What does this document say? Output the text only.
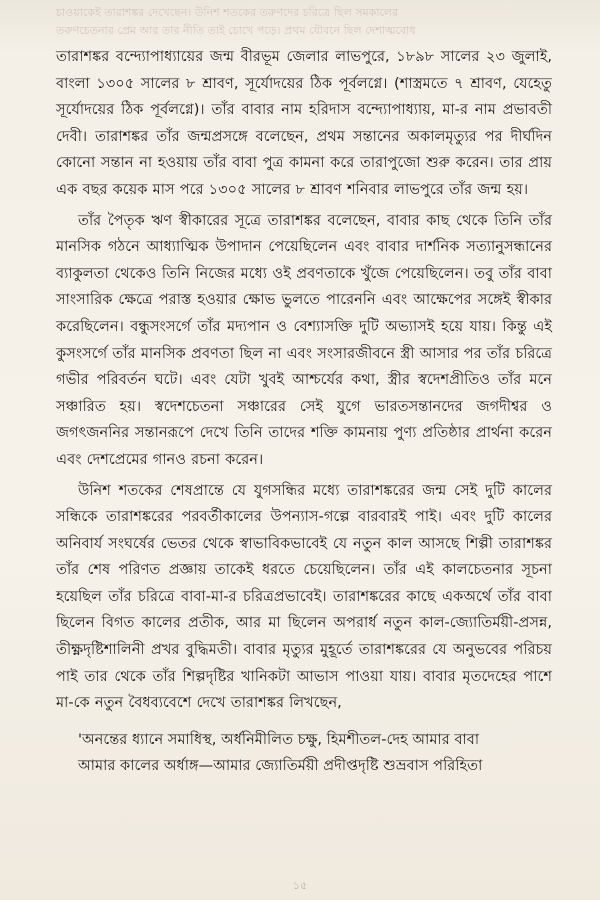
চাওয়াকেই তারাশঙ্কর দেখেছেন। উনিশ শতকের তরুণদের চরিত্রে ছিল সমকালের
তরুণচেতনার প্রেম আর তার নীতি তাই চোখে পড়ে। প্রথম যৌবনে ছিল দেশাত্মবোধ

তারাশঙ্কর বন্দ্যোপাধ্যায়ের জন্ম বীরভূম জেলার লাভপুরে, ১৮৯৮ সালের ২৩ জুলাই, বাংলা ১৩০৫ সালের ৮ শ্রাবণ, সূর্যোদয়ের ঠিক পূর্বলগ্নে। (শাস্ত্রমতে ৭ শ্রাবণ, যেহেতু সূর্যোদয়ের ঠিক পূর্বলগ্নে)। তাঁর বাবার নাম হরিদাস বন্দ্যোপাধ্যায়, মা-র নাম প্রভাবতী দেবী। তারাশঙ্কর তাঁর জন্মপ্রসঙ্গে বলেছেন, প্রথম সন্তানের অকালমৃত্যুর পর দীর্ঘদিন কোনো সন্তান না হওয়ায় তাঁর বাবা পুত্র কামনা করে তারাপুজো শুরু করেন। তার প্রায় এক বছর কয়েক মাস পরে ১৩০৫ সালের ৮ শ্রাবণ শনিবার লাভপুরে তাঁর জন্ম হয়।

তাঁর পৈতৃক ঋণ স্বীকারের সূত্রে তারাশঙ্কর বলেছেন, বাবার কাছ থেকে তিনি তাঁর মানসিক গঠনে আধ্যাত্মিক উপাদান পেয়েছিলেন এবং বাবার দার্শনিক সত্যানুসন্ধানের ব্যাকুলতা থেকেও তিনি নিজের মধ্যে ওই প্রবণতাকে খুঁজে পেয়েছিলেন। তবু তাঁর বাবা সাংসারিক ক্ষেত্রে পরাস্ত হওয়ার ক্ষোভ ভুলতে পারেননি এবং আক্ষেপের সঙ্গেই স্বীকার করেছিলেন। বন্ধুসংসর্গে তাঁর মদ্যপান ও বেশ্যাসক্তি দুটি অভ্যাসই হয়ে যায়। কিন্তু এই কুসংসর্গে তাঁর মানসিক প্রবণতা ছিল না এবং সংসারজীবনে স্ত্রী আসার পর তাঁর চরিত্রে গভীর পরিবর্তন ঘটে। এবং যেটা খুবই আশ্চর্যের কথা, স্ত্রীর স্বদেশপ্রীতিও তাঁর মনে সঞ্চারিত হয়। স্বদেশচেতনা সঞ্চারের সেই যুগে ভারতসন্তানদের জগদীশ্বর ও জগৎজননির সন্তানরূপে দেখে তিনি তাদের শক্তি কামনায় পুণ্য প্রতিষ্ঠার প্রার্থনা করেন এবং দেশপ্রেমের গানও রচনা করেন।

উনিশ শতকের শেষপ্রান্তে যে যুগসন্ধির মধ্যে তারাশঙ্করের জন্ম সেই দুটি কালের সন্ধিকে তারাশঙ্করের পরবর্তীকালের উপন্যাস-গল্পে বারবারই পাই। এবং দুটি কালের অনিবার্য সংঘর্ষের ভেতর থেকে স্বাভাবিকভাবেই যে নতুন কাল আসছে শিল্পী তারাশঙ্কর তাঁর শেষ পরিণত প্রজ্ঞায় তাকেই ধরতে চেয়েছিলেন। তাঁর এই কালচেতনার সূচনা হয়েছিল তাঁর চরিত্রে বাবা-মা-র চরিত্রপ্রভাবেই। তারাশঙ্করের কাছে একঅর্থে তাঁর বাবা ছিলেন বিগত কালের প্রতীক, আর মা ছিলেন অপরার্ধ নতুন কাল-জ্যোতির্ময়ী-প্রসন্ন, তীক্ষ্ণদৃষ্টিশালিনী প্রখর বুদ্ধিমতী। বাবার মৃত্যুর মুহূর্তে তারাশঙ্করের যে অনুভবের পরিচয় পাই তার থেকে তাঁর শিল্পদৃষ্টির খানিকটা আভাস পাওয়া যায়। বাবার মৃতদেহের পাশে মা-কে নতুন বৈধব্যবেশে দেখে তারাশঙ্কর লিখছেন,

'অনন্তের ধ্যানে সমাধিস্থ, অর্ধনিমীলিত চক্ষু, হিমশীতল-দেহ আমার বাবা
আমার কালের অর্ধাঙ্গ—আমার জ্যোতির্ময়ী প্রদীপ্তদৃষ্টি শুভ্রবাস পরিহিতা
১৫
